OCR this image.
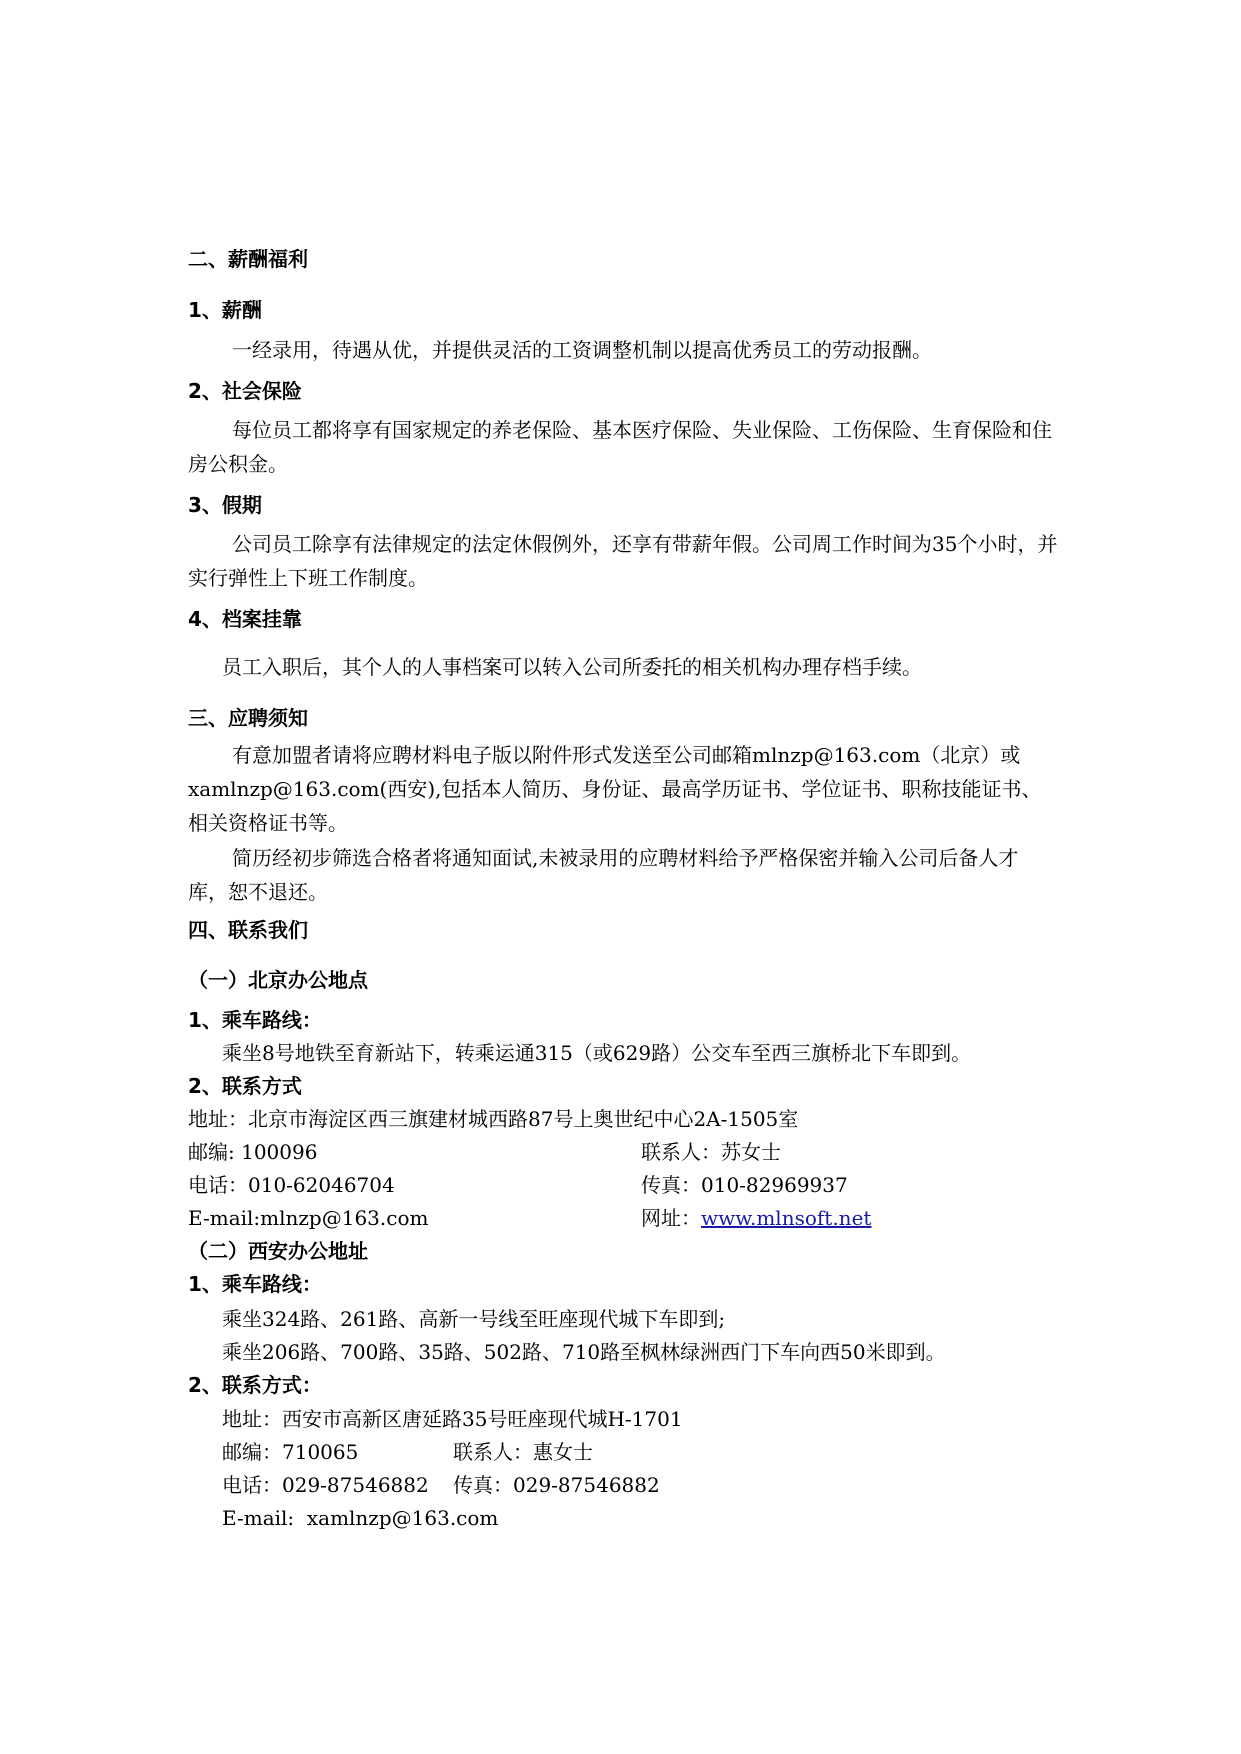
二、薪酬福利
1、薪酬
一经录用，待遇从优，并提供灵活的工资调整机制以提高优秀员工的劳动报酬。
2、社会保险
每位员工都将享有国家规定的养老保险、基本医疗保险、失业保险、工伤保险、生育保险和住房公积金。
3、假期
公司员工除享有法律规定的法定休假例外，还享有带薪年假。公司周工作时间为35个小时，并实行弹性上下班工作制度。
4、档案挂靠
员工入职后，其个人的人事档案可以转入公司所委托的相关机构办理存档手续。
三、应聘须知
有意加盟者请将应聘材料电子版以附件形式发送至公司邮箱mlnzp@163.com（北京）或xamlnzp@163.com(西安),包括本人简历、身份证、最高学历证书、学位证书、职称技能证书、相关资格证书等。
简历经初步筛选合格者将通知面试,未被录用的应聘材料给予严格保密并输入公司后备人才库，恕不退还。
四、联系我们
（一）北京办公地点
1、乘车路线：
乘坐8号地铁至育新站下，转乘运通315（或629路）公交车至西三旗桥北下车即到。
2、联系方式
地址：北京市海淀区西三旗建材城西路87号上奥世纪中心2A-1505室
邮编: 100096	联系人：苏女士
电话：010-62046704	传真：010-82969937
E-mail:mlnzp@163.com	网址：www.mlnsoft.net
（二）西安办公地址
1、乘车路线：
乘坐324路、261路、高新一号线至旺座现代城下车即到;
乘坐206路、700路、35路、502路、710路至枫林绿洲西门下车向西50米即到。
2、联系方式：
地址：西安市高新区唐延路35号旺座现代城H-1701
邮编：710065	联系人：惠女士
电话：029-87546882 传真：029-87546882
E-mail:  xamlnzp@163.com
